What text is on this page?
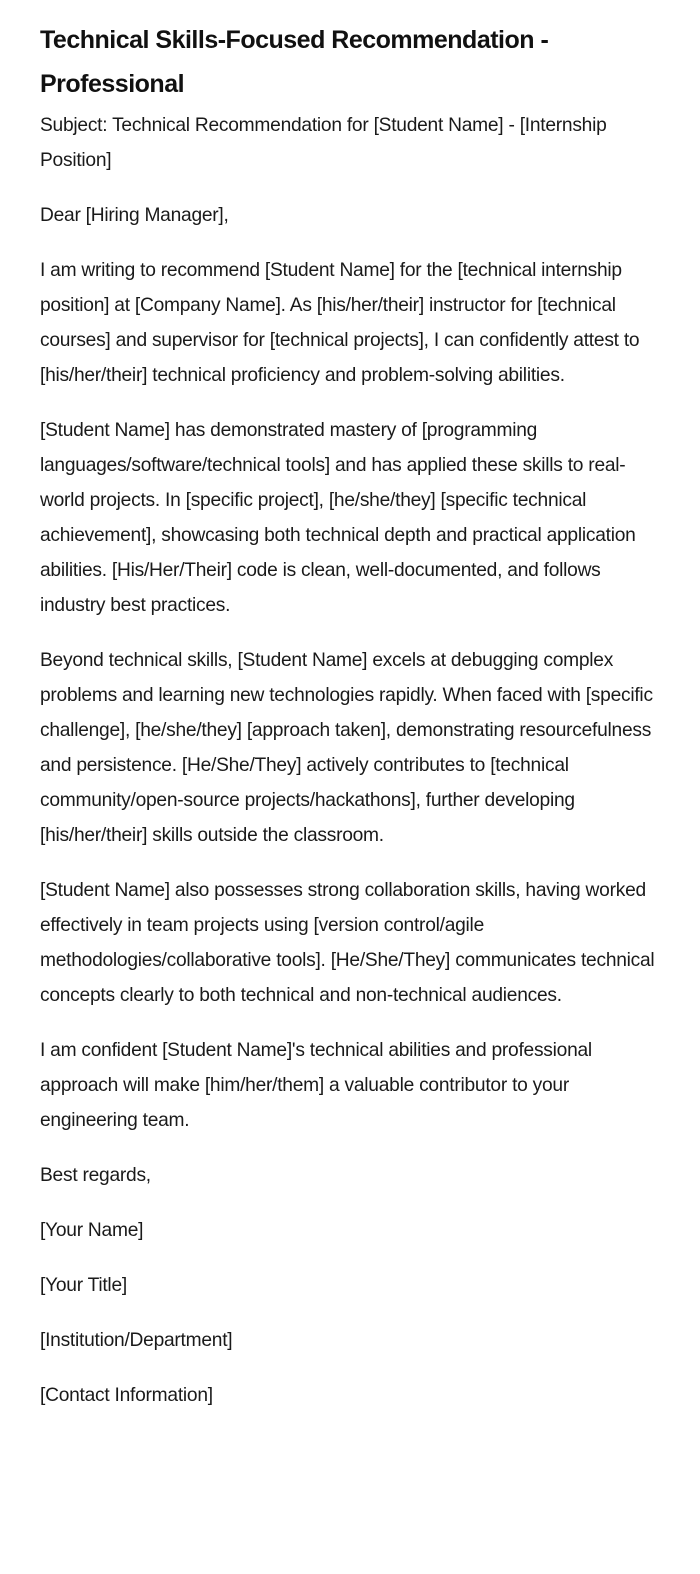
Technical Skills-Focused Recommendation - Professional

Subject: Technical Recommendation for [Student Name] - [Internship Position]

Dear [Hiring Manager],

I am writing to recommend [Student Name] for the [technical internship position] at [Company Name]. As [his/her/their] instructor for [technical courses] and supervisor for [technical projects], I can confidently attest to [his/her/their] technical proficiency and problem-solving abilities.

[Student Name] has demonstrated mastery of [programming languages/software/technical tools] and has applied these skills to real-world projects. In [specific project], [he/she/they] [specific technical achievement], showcasing both technical depth and practical application abilities. [His/Her/Their] code is clean, well-documented, and follows industry best practices.

Beyond technical skills, [Student Name] excels at debugging complex problems and learning new technologies rapidly. When faced with [specific challenge], [he/she/they] [approach taken], demonstrating resourcefulness and persistence. [He/She/They] actively contributes to [technical community/open-source projects/hackathons], further developing [his/her/their] skills outside the classroom.

[Student Name] also possesses strong collaboration skills, having worked effectively in team projects using [version control/agile methodologies/collaborative tools]. [He/She/They] communicates technical concepts clearly to both technical and non-technical audiences.

I am confident [Student Name]'s technical abilities and professional approach will make [him/her/them] a valuable contributor to your engineering team.

Best regards,

[Your Name]

[Your Title]

[Institution/Department]

[Contact Information]
